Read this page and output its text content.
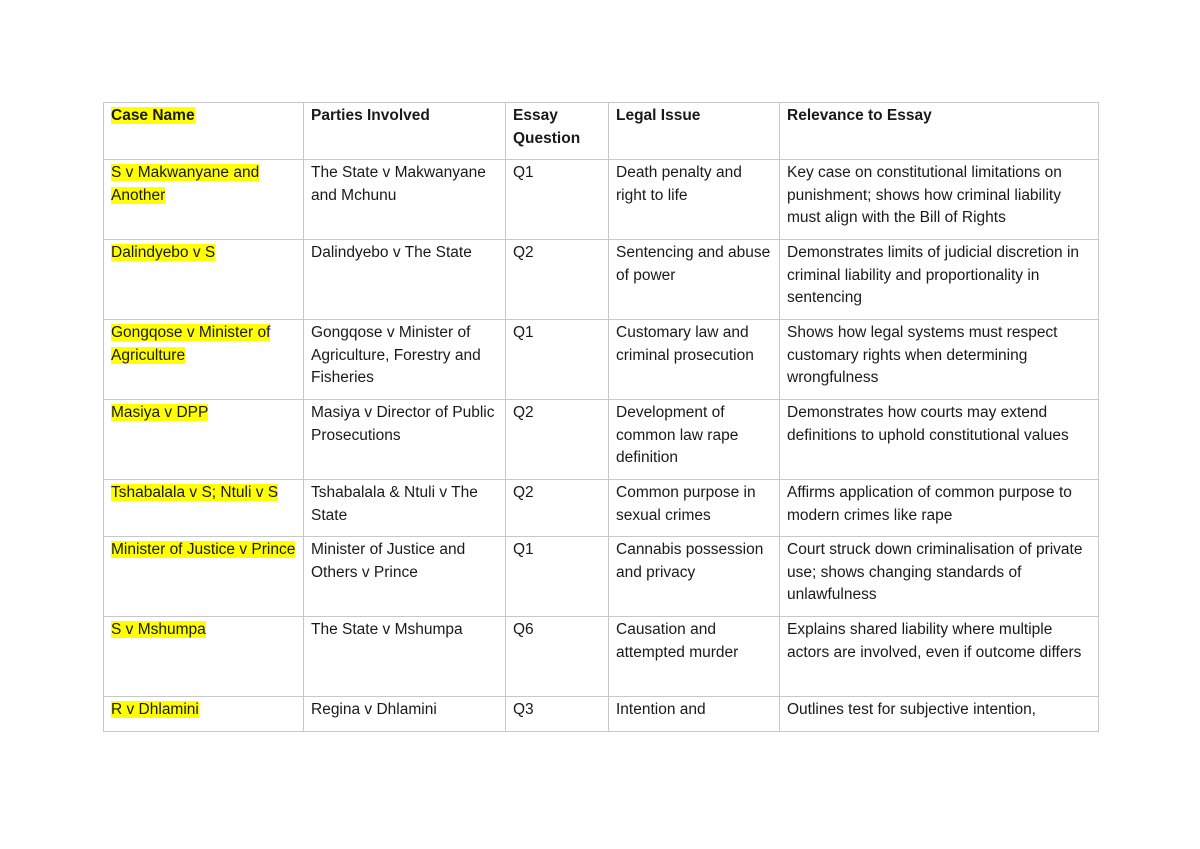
Case Name	Parties Involved	Essay Question	Legal Issue	Relevance to Essay
S v Makwanyane and Another	The State v Makwanyane and Mchunu	Q1	Death penalty and right to life	Key case on constitutional limitations on punishment; shows how criminal liability must align with the Bill of Rights
Dalindyebo v S	Dalindyebo v The State	Q2	Sentencing and abuse of power	Demonstrates limits of judicial discretion in criminal liability and proportionality in sentencing
Gongqose v Minister of Agriculture	Gongqose v Minister of Agriculture, Forestry and Fisheries	Q1	Customary law and criminal prosecution	Shows how legal systems must respect customary rights when determining wrongfulness
Masiya v DPP	Masiya v Director of Public Prosecutions	Q2	Development of common law rape definition	Demonstrates how courts may extend definitions to uphold constitutional values
Tshabalala v S; Ntuli v S	Tshabalala & Ntuli v The State	Q2	Common purpose in sexual crimes	Affirms application of common purpose to modern crimes like rape
Minister of Justice v Prince	Minister of Justice and Others v Prince	Q1	Cannabis possession and privacy	Court struck down criminalisation of private use; shows changing standards of unlawfulness
S v Mshumpa	The State v Mshumpa	Q6	Causation and attempted murder	Explains shared liability where multiple actors are involved, even if outcome differs
R v Dhlamini	Regina v Dhlamini	Q3	Intention and	Outlines test for subjective intention,
